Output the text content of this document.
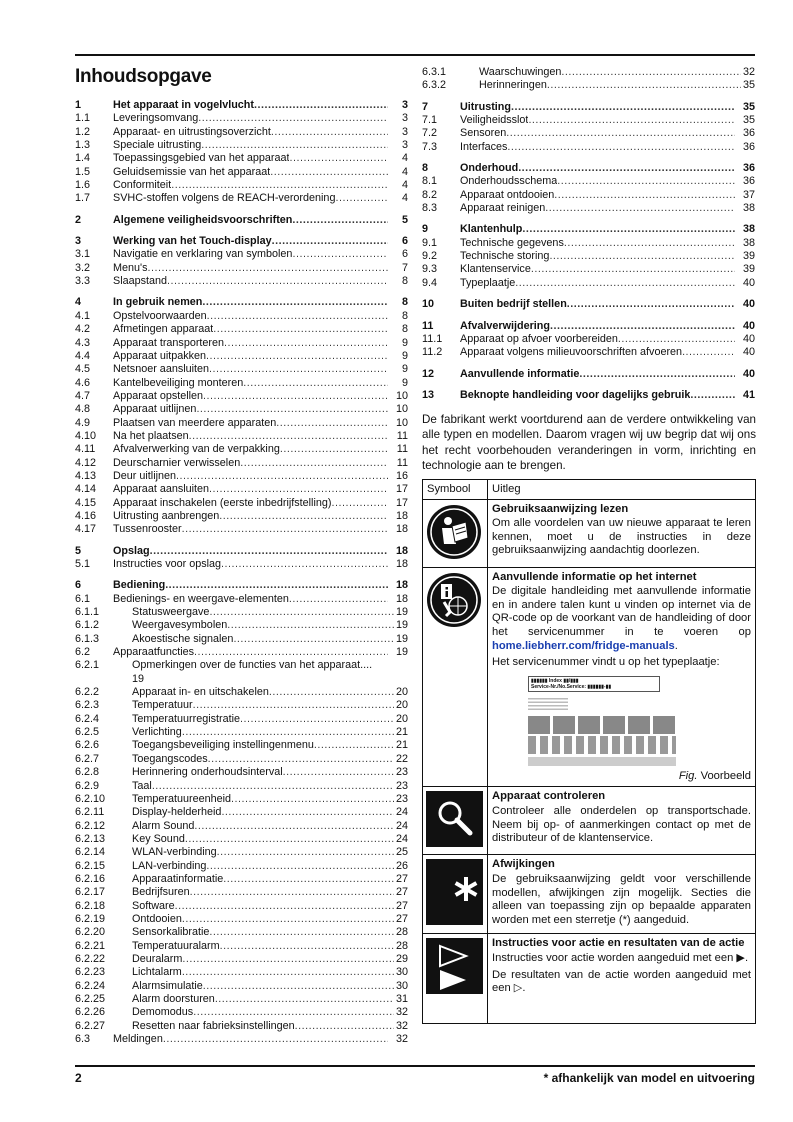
Inhoudsopgave
1	Het apparaat in vogelvlucht .....	3
1.1	Leveringsomvang .....	3
1.2	Apparaat- en uitrustingsoverzicht .....	3
1.3	Speciale uitrusting .....	3
1.4	Toepassingsgebied van het apparaat .....	4
1.5	Geluidsemissie van het apparaat .....	4
1.6	Conformiteit .....	4
1.7	SVHC-stoffen volgens de REACH-verordening .....	4
2	Algemene veiligheidsvoorschriften .....	5
3	Werking van het Touch-display .....	6
3.1	Navigatie en verklaring van symbolen .....	6
3.2	Menu's .....	7
3.3	Slaapstand .....	8
4	In gebruik nemen .....	8
4.1	Opstelvoorwaarden .....	8
4.2	Afmetingen apparaat .....	8
4.3	Apparaat transporteren .....	9
4.4	Apparaat uitpakken .....	9
4.5	Netsnoer aansluiten .....	9
4.6	Kantelbeveiliging monteren .....	9
4.7	Apparaat opstellen .....	10
4.8	Apparaat uitlijnen .....	10
4.9	Plaatsen van meerdere apparaten .....	10
4.10	Na het plaatsen .....	11
4.11	Afvalverwerking van de verpakking .....	11
4.12	Deurscharnier verwisselen .....	11
4.13	Deur uitlijnen .....	16
4.14	Apparaat aansluiten .....	17
4.15	Apparaat inschakelen (eerste inbedrijfstelling) .....	17
4.16	Uitrusting aanbrengen .....	18
4.17	Tussenrooster .....	18
5	Opslag .....	18
5.1	Instructies voor opslag .....	18
6	Bediening .....	18
6.1	Bedienings- en weergave-elementen .....	18
6.1.1	Statusweergave .....	19
6.1.2	Weergavesymbolen .....	19
6.1.3	Akoestische signalen .....	19
6.2	Apparaatfuncties .....	19
6.2.1	Opmerkingen over de functies van het apparaat....
19
6.2.2	Apparaat in- en uitschakelen .....	20
6.2.3	Temperatuur .....	20
6.2.4	Temperatuurregistratie .....	20
6.2.5	Verlichting .....	21
6.2.6	Toegangsbeveiliging instellingenmenu .....	21
6.2.7	Toegangscodes .....	22
6.2.8	Herinnering onderhoudsinterval .....	23
6.2.9	Taal .....	23
6.2.10	Temperatuureenheid .....	23
6.2.11	Display-helderheid .....	24
6.2.12	Alarm Sound .....	24
6.2.13	Key Sound .....	24
6.2.14	WLAN-verbinding .....	25
6.2.15	LAN-verbinding .....	26
6.2.16	Apparaatinformatie .....	27
6.2.17	Bedrijfsuren .....	27
6.2.18	Software .....	27
6.2.19	Ontdooien .....	27
6.2.20	Sensorkalibratie .....	28
6.2.21	Temperatuuralarm .....	28
6.2.22	Deuralarm .....	29
6.2.23	Lichtalarm .....	30
6.2.24	Alarmsimulatie .....	30
6.2.25	Alarm doorsturen .....	31
6.2.26	Demomodus .....	32
6.2.27	Resetten naar fabrieksinstellingen .....	32
6.3	Meldingen .....	32
6.3.1	Waarschuwingen .....	32
6.3.2	Herinneringen .....	35
7	Uitrusting .....	35
7.1	Veiligheidsslot .....	35
7.2	Sensoren .....	36
7.3	Interfaces .....	36
8	Onderhoud .....	36
8.1	Onderhoudsschema .....	36
8.2	Apparaat ontdooien .....	37
8.3	Apparaat reinigen .....	38
9	Klantenhulp .....	38
9.1	Technische gegevens .....	38
9.2	Technische storing .....	39
9.3	Klantenservice .....	39
9.4	Typeplaatje .....	40
10	Buiten bedrijf stellen .....	40
11	Afvalverwijdering .....	40
11.1	Apparaat op afvoer voorbereiden .....	40
11.2	Apparaat volgens milieuvoorschriften afvoeren .....	40
12	Aanvullende informatie .....	40
13	Beknopte handleiding voor dagelijks gebruik .....	41

De fabrikant werkt voortdurend aan de verdere ontwikkeling van alle typen en modellen. Daarom vragen wij uw begrip dat wij ons het recht voorbehouden veranderingen in vorm, inrichting en technologie aan te brengen.

Symbool	Uitleg
Gebruiksaanwijzing lezen

Om alle voordelen van uw nieuwe apparaat te leren kennen, moet u de instructies in deze gebruiksaanwijzing aandachtig doorlezen.

Aanvullende informatie op het internet

De digitale handleiding met aanvullende informatie en in andere talen kunt u vinden op internet via de QR-code op de voorkant van de handleiding of door het servicenummer in te voeren op home.liebherr.com/fridge-manuals.

Het servicenummer vindt u op het typeplaatje:

▮▮▮▮▮▮ Index ▮▮/▮▮▮
Service-Nr./No.Service: ▮▮▮▮▮▮-▮▮
Fig. Voorbeeld
Apparaat controleren

Controleer alle onderdelen op transportschade. Neem bij op- of aanmerkingen contact op met de distributeur of de klantenservice.

Afwijkingen

De gebruiksaanwijzing geldt voor verschillende modellen, afwijkingen zijn mogelijk. Secties die alleen van toepassing zijn op bepaalde apparaten worden met een sterretje (*) aangeduid.

Instructies voor actie en resultaten van de actie

Instructies voor actie worden aangeduid met een ▶.

De resultaten van de actie worden aangeduid met een ▷.

2	* afhankelijk van model en uitvoering
